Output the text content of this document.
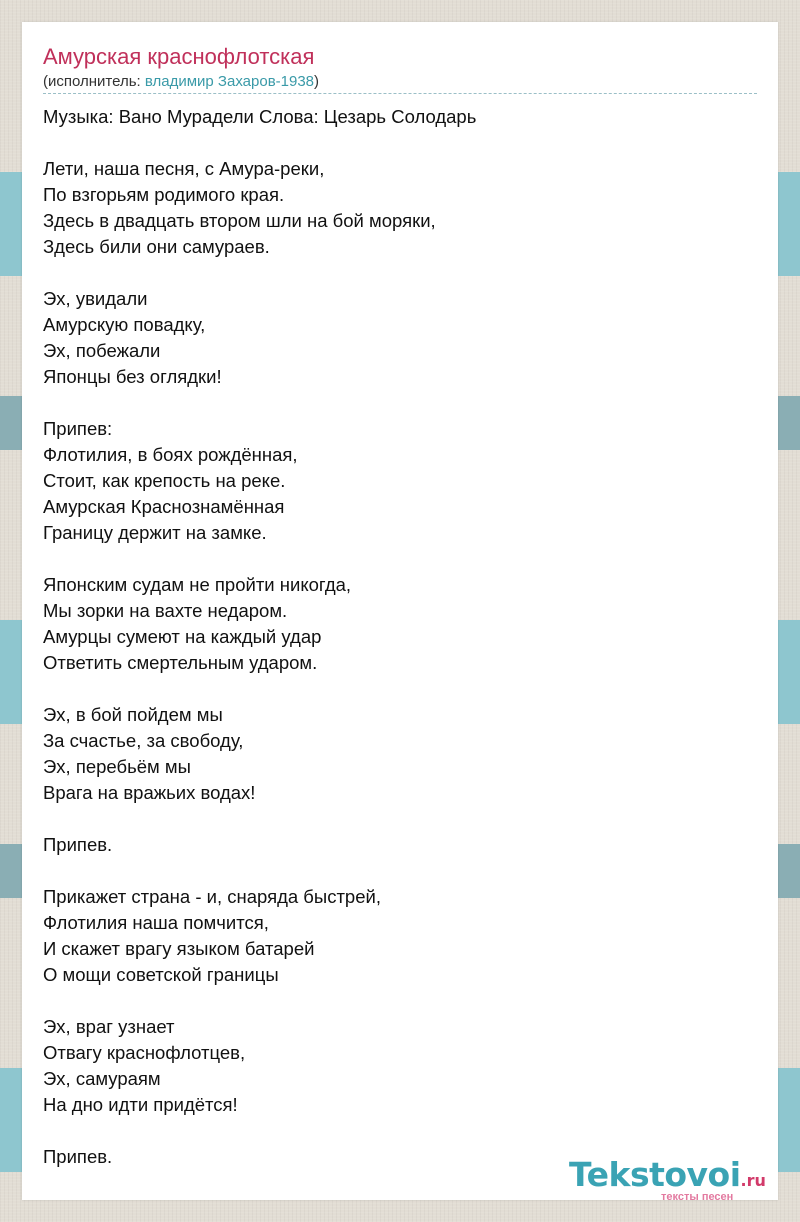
Амурская краснофлотская
(исполнитель: владимир Захаров-1938)
Музыка: Вано Мурадели Слова: Цезарь Солодарь
Лети, наша песня, с Амура-реки,
По взгорьям родимого края.
Здесь в двадцать втором шли на бой моряки,
Здесь били они самураев.
Эх, увидали
Амурскую повадку,
Эх, побежали
Японцы без оглядки!
Припев:
Флотилия, в боях рождённая,
Стоит, как крепость на реке.
Амурская Краснознамённая
Границу держит на замке.
Японским судам не пройти никогда,
Мы зорки на вахте недаром.
Амурцы сумеют на каждый удар
Ответить смертельным ударом.
Эх, в бой пойдем мы
За счастье, за свободу,
Эх, перебьём мы
Врага на вражьих водах!
Припев.
Прикажет страна - и, снаряда быстрей,
Флотилия наша помчится,
И скажет врагу языком батарей
О мощи советской границы
Эх, враг узнает
Отвагу краснофлотцев,
Эх, самураям
На дно идти придётся!
Припев.	Tekstovoi.ru
тексты песен
